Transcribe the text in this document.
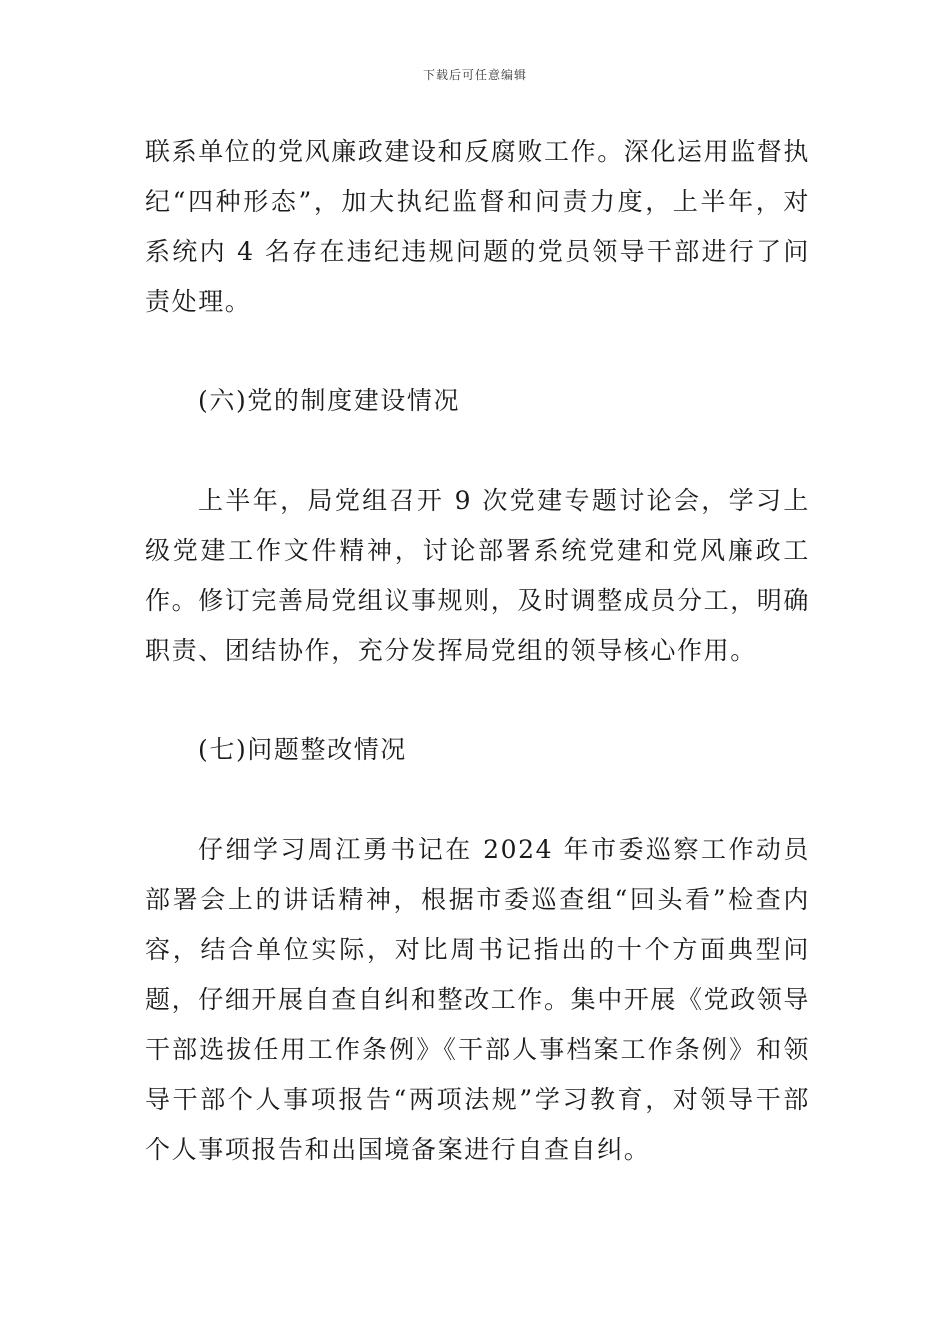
下载后可任意编辑
联系单位的党风廉政建设和反腐败工作。深化运用监督执纪“四种形态”，加大执纪监督和问责力度，上半年，对系统内 4 名存在违纪违规问题的党员领导干部进行了问责处理。
(六)党的制度建设情况
上半年，局党组召开 9 次党建专题讨论会，学习上级党建工作文件精神，讨论部署系统党建和党风廉政工作。修订完善局党组议事规则，及时调整成员分工，明确职责、团结协作，充分发挥局党组的领导核心作用。
(七)问题整改情况
仔细学习周江勇书记在 2024 年市委巡察工作动员部署会上的讲话精神，根据市委巡查组“回头看”检查内容，结合单位实际，对比周书记指出的十个方面典型问题，仔细开展自查自纠和整改工作。集中开展《党政领导干部选拔任用工作条例》《干部人事档案工作条例》和领导干部个人事项报告“两项法规”学习教育，对领导干部个人事项报告和出国境备案进行自查自纠。
